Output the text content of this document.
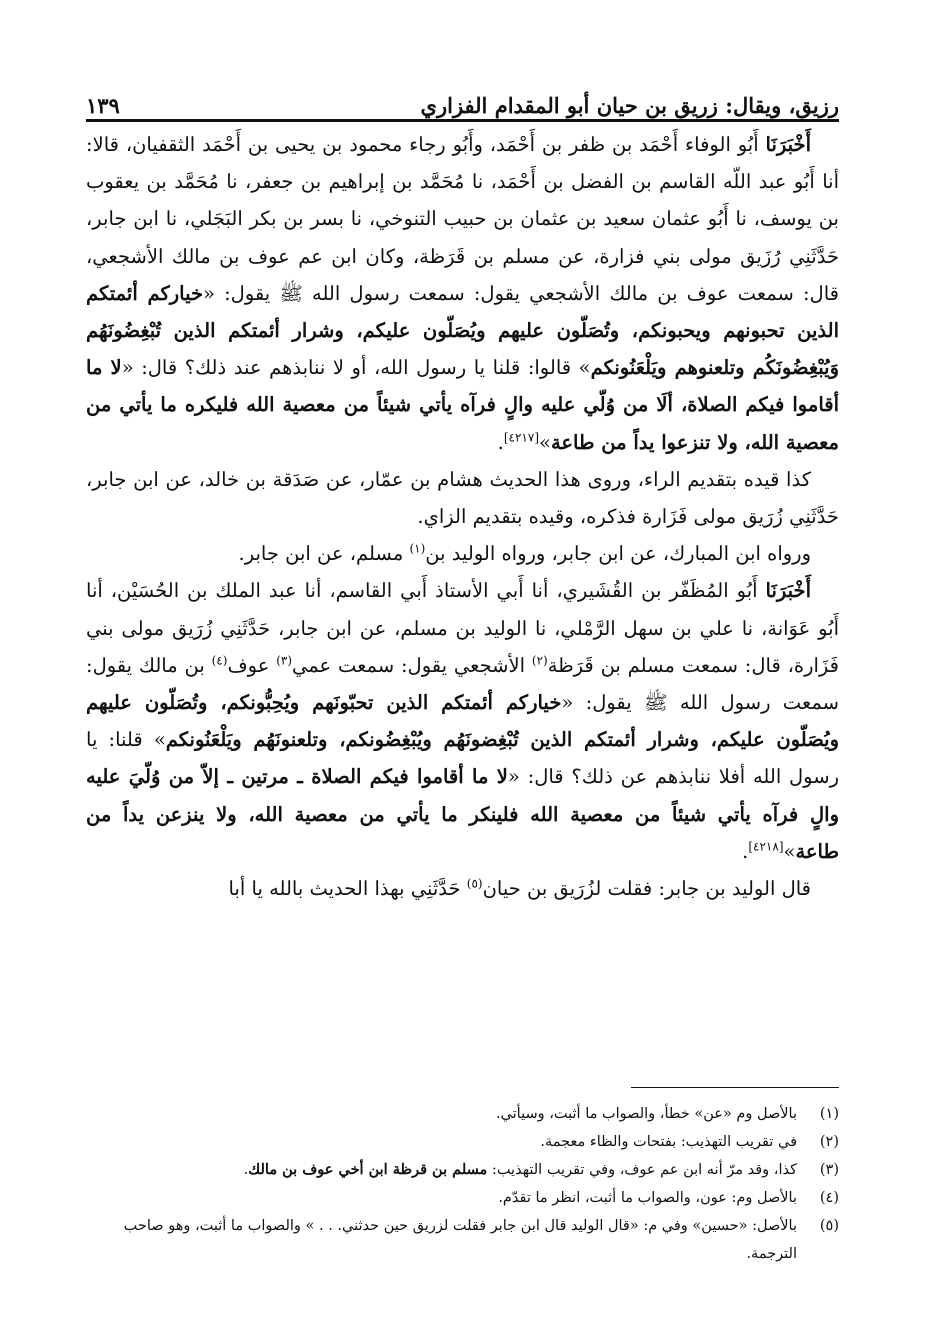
رزيق، ويقال: زريق بن حيان أبو المقدام الفزاري
١٣٩

أَخْبَرَنَا أَبُو الوفاء أَحْمَد بن ظفر بن أَحْمَد، وأَبُو رجاء محمود بن يحيى بن أَحْمَد الثقفيان، قالا: أنا أَبُو عبد اللّه القاسم بن الفضل بن أَحْمَد، نا مُحَمَّد بن إبراهيم بن جعفر، نا مُحَمَّد بن يعقوب بن يوسف، نا أَبُو عثمان سعيد بن عثمان بن حبيب التنوخي، نا بسر بن بكر البَجَلي، نا ابن جابر، حَدَّثَنِي رُزَيق مولى بني فزارة، عن مسلم بن قَرَظة، وكان ابن عم عوف بن مالك الأشجعي، قال: سمعت عوف بن مالك الأشجعي يقول: سمعت رسول الله ﷺ يقول: «خياركم أئمتكم الذين تحبونهم ويحبونكم، وتُصَلّون عليهم ويُصَلّون عليكم، وشرار أئمتكم الذين تُبْغِضُونَهُم وَيُبْغِضُونَكُم وتلعنوهم ويَلْعَنُونكم» قالوا: قلنا يا رسول الله، أو لا ننابذهم عند ذلك؟ قال: «لا ما أقاموا فيكم الصلاة، ألَا من وُلّي عليه والٍ فرآه يأتي شيئاً من معصية الله فليكره ما يأتي من معصية الله، ولا تنزعوا يداً من طاعة»[٤٢١٧].

كذا قيده بتقديم الراء، وروى هذا الحديث هشام بن عمّار، عن صَدَقة بن خالد، عن ابن جابر، حَدَّثَنِي زُرَيق مولى فَزَارة فذكره، وقيده بتقديم الزاي.

ورواه ابن المبارك، عن ابن جابر، ورواه الوليد بن$^{(١)}$ مسلم، عن ابن جابر.

أَخْبَرَنَا أَبُو المُظَفّر بن القُشَيري، أنا أَبي الأستاذ أَبي القاسم، أنا عبد الملك بن الحُسَيْن، أنا أَبُو عَوَانة، نا علي بن سهل الرَّمْلي، نا الوليد بن مسلم، عن ابن جابر، حَدَّثَنِي زُرَيق مولى بني فَزَارة، قال: سمعت مسلم بن قَرَظة$^{(٢)}$ الأشجعي يقول: سمعت عمي$^{(٣)}$ عوف$^{(٤)}$ بن مالك يقول: سمعت رسول الله ﷺ يقول: «خياركم أئمتكم الذين تحبّونَهم ويُحِبُّونكم، وتُصَلّون عليهم ويُصَلّون عليكم، وشرار أئمتكم الذين تُبْغِضونَهُم ويُبْغِضُونكم، وتلعنونَهُم ويَلْعَنُونكم» قلنا: يا رسول الله أفلا ننابذهم عن ذلك؟ قال: «لا ما أقاموا فيكم الصلاة ـ مرتين ـ إلاّ من وُلّيَ عليه والٍ فرآه يأتي شيئاً من معصية الله فلينكر ما يأتي من معصية الله، ولا ينزعن يداً من طاعة»[٤٢١٨].

قال الوليد بن جابر: فقلت لزُرَيق بن حيان$^{(٥)}$ حَدَّثَنِي بهذا الحديث بالله يا أبا

(١)
بالأصل وم «عن» خطأ، والصواب ما أثبت، وسيأتي.
(٢)
في تقريب التهذيب: بفتحات والظاء معجمة.
(٣)
كذا، وقد مرّ أنه ابن عم عوف، وفي تقريب التهذيب: مسلم بن قرظة ابن أخي عوف بن مالك.
(٤)
بالأصل وم: عون، والصواب ما أثبت، انظر ما تقدّم.
(٥)
بالأصل: «حسين» وفي م: «قال الوليد قال ابن جابر فقلت لزريق حين حدثني. . . » والصواب ما أثبت، وهو صاحب الترجمة.
